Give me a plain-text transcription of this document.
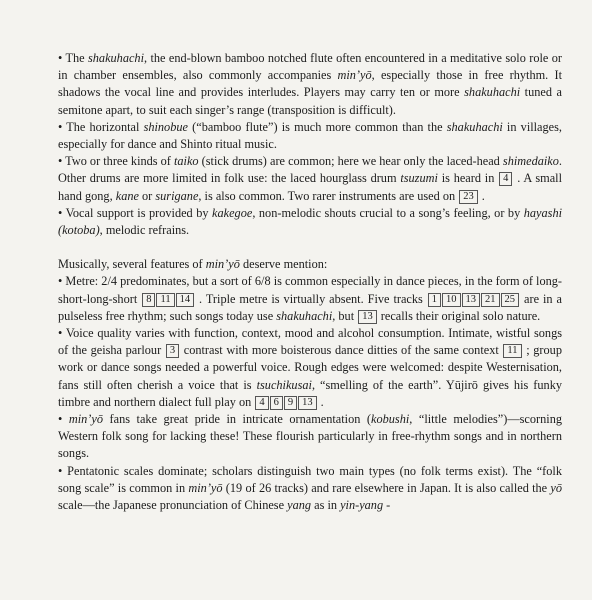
• The shakuhachi, the end-blown bamboo notched flute often encountered in a meditative solo role or in chamber ensembles, also commonly accompanies min’yō, especially those in free rhythm. It shadows the vocal line and provides interludes. Players may carry ten or more shakuhachi tuned a semitone apart, to suit each singer’s range (transposition is difficult).

• The horizontal shinobue (“bamboo flute”) is much more common than the shakuhachi in villages, especially for dance and Shinto ritual music.

• Two or three kinds of taiko (stick drums) are common; here we hear only the laced-head shimedaiko. Other drums are more limited in folk use: the laced hourglass drum tsuzumi is heard in 4 . A small hand gong, kane or surigane, is also common. Two rarer instruments are used on 23 .

• Vocal support is provided by kakegoe, non-melodic shouts crucial to a song’s feeling, or by hayashi (kotoba), melodic refrains.

Musically, several features of min’yō deserve mention:

• Metre: 2/4 predominates, but a sort of 6/8 is common especially in dance pieces, in the form of long-short-long-short 8 11 14 . Triple metre is virtually absent. Five tracks 1 10 13 21 25 are in a pulseless free rhythm; such songs today use shakuhachi, but 13 recalls their original solo nature.

• Voice quality varies with function, context, mood and alcohol consumption. Intimate, wistful songs of the geisha parlour 3 contrast with more boisterous dance ditties of the same context 11 ; group work or dance songs needed a powerful voice. Rough edges were welcomed: despite Westernisation, fans still often cherish a voice that is tsuchikusai, “smelling of the earth”. Yūjirō gives his funky timbre and northern dialect full play on 4 6 9 13 .

• min’yō fans take great pride in intricate ornamentation (kobushi, “little melodies”)—scorning Western folk song for lacking these! These flourish particularly in free-rhythm songs and in northern songs.

• Pentatonic scales dominate; scholars distinguish two main types (no folk terms exist). The “folk song scale” is common in min’yō (19 of 26 tracks) and rare elsewhere in Japan. It is also called the yō scale—the Japanese pronunciation of Chinese yang as in yin-yang -
